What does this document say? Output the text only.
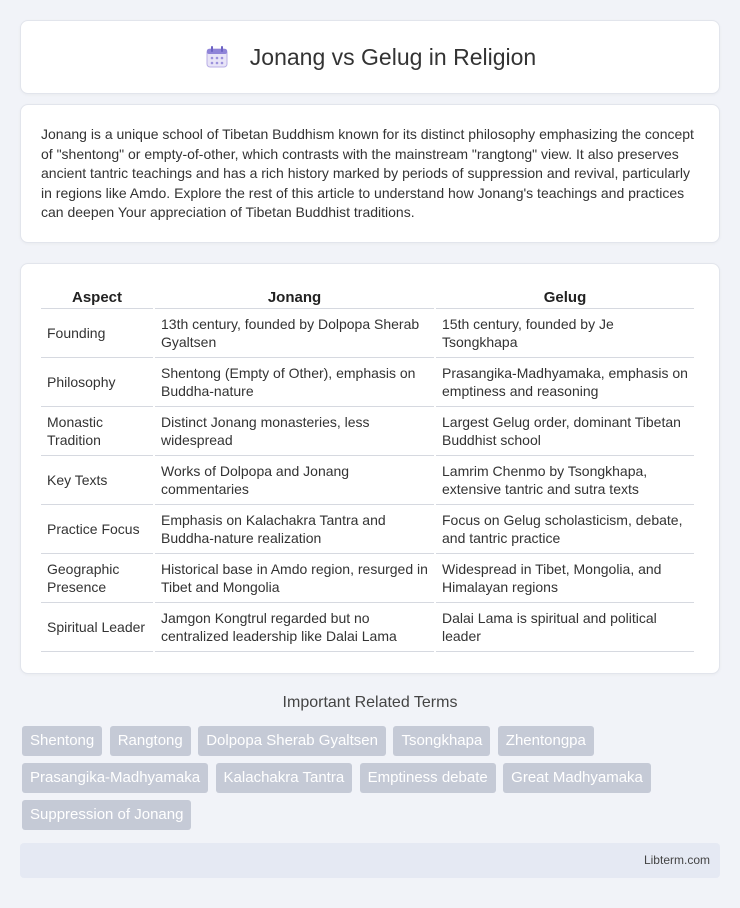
Jonang vs Gelug in Religion

Jonang is a unique school of Tibetan Buddhism known for its distinct philosophy emphasizing the concept of "shentong" or empty-of-other, which contrasts with the mainstream "rangtong" view. It also preserves ancient tantric teachings and has a rich history marked by periods of suppression and revival, particularly in regions like Amdo. Explore the rest of this article to understand how Jonang's teachings and practices can deepen Your appreciation of Tibetan Buddhist traditions.

Aspect	Jonang	Gelug
Founding	13th century, founded by Dolpopa Sherab Gyaltsen	15th century, founded by Je Tsongkhapa
Philosophy	Shentong (Empty of Other), emphasis on Buddha-nature	Prasangika-Madhyamaka, emphasis on emptiness and reasoning
Monastic Tradition	Distinct Jonang monasteries, less widespread	Largest Gelug order, dominant Tibetan Buddhist school
Key Texts	Works of Dolpopa and Jonang commentaries	Lamrim Chenmo by Tsongkhapa, extensive tantric and sutra texts
Practice Focus	Emphasis on Kalachakra Tantra and Buddha-nature realization	Focus on Gelug scholasticism, debate, and tantric practice
Geographic Presence	Historical base in Amdo region, resurged in Tibet and Mongolia	Widespread in Tibet, Mongolia, and Himalayan regions
Spiritual Leader	Jamgon Kongtrul regarded but no centralized leadership like Dalai Lama	Dalai Lama is spiritual and political leader
Important Related Terms
Shentong Rangtong Dolpopa Sherab Gyaltsen Tsongkhapa Zhentongpa Prasangika-Madhyamaka Kalachakra Tantra Emptiness debate Great Madhyamaka Suppression of Jonang
Libterm.com
